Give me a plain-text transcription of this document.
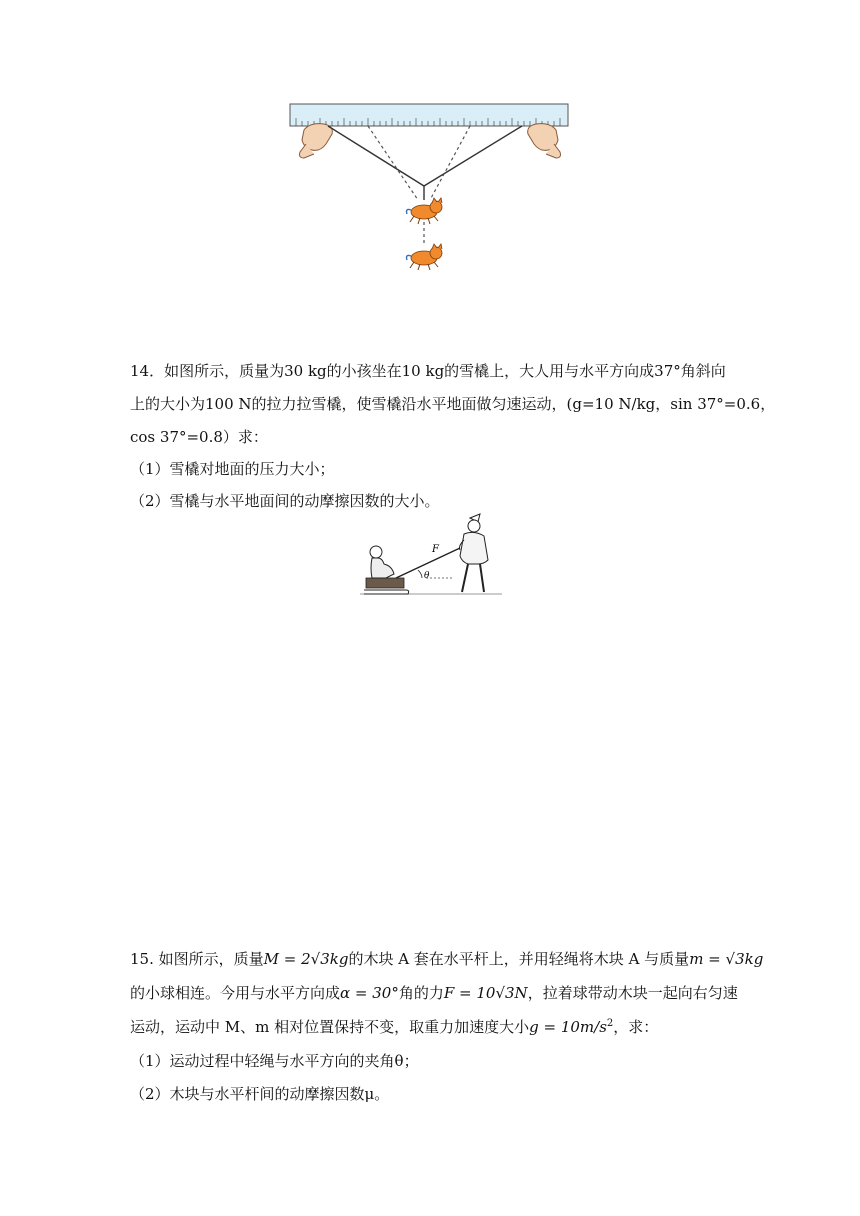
14．如图所示，质量为30 kg的小孩坐在10 kg的雪橇上，大人用与水平方向成37°角斜向
上的大小为100 N的拉力拉雪橇，使雪橇沿水平地面做匀速运动，(g=10 N/kg，sin 37°=0.6，
cos 37°=0.8）求：
（1）雪橇对地面的压力大小；
（2）雪橇与水平地面间的动摩擦因数的大小。
F
θ
15. 如图所示，质量M = 2√3kg的木块 A 套在水平杆上，并用轻绳将木块 A 与质量m = √3kg
的小球相连。今用与水平方向成α = 30°角的力F = 10√3N，拉着球带动木块一起向右匀速
运动，运动中 M、m 相对位置保持不变，取重力加速度大小$g = 10m/s^2$，求：
（1）运动过程中轻绳与水平方向的夹角θ；
（2）木块与水平杆间的动摩擦因数μ。
